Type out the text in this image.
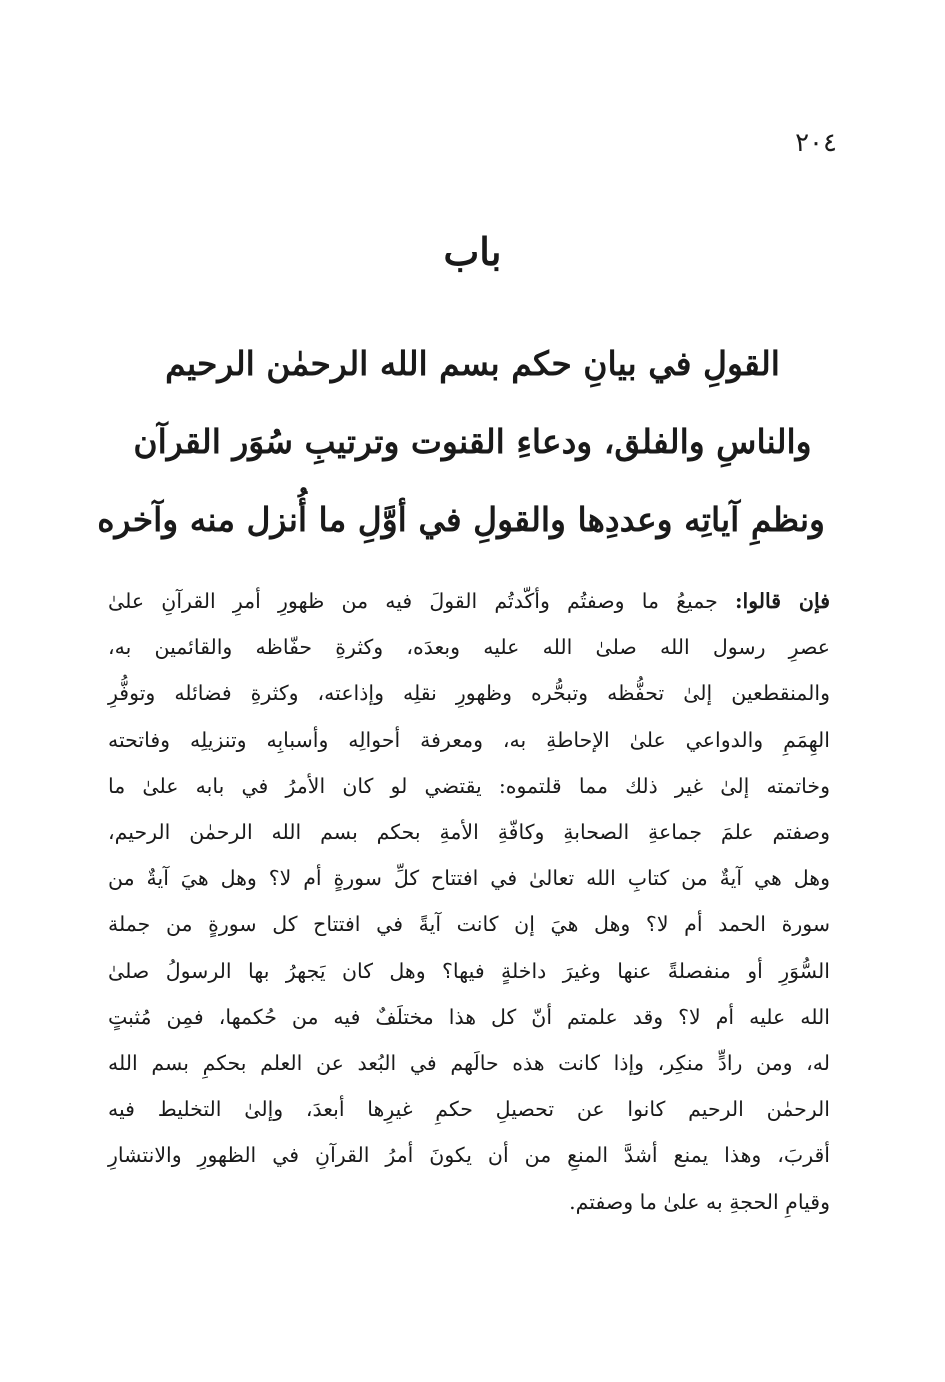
٢٠٤
باب
القولِ في بيانِ حكم بسم الله الرحمٰن الرحيم
والناسِ والفلق، ودعاءِ القنوت وترتيبِ سُوَر القرآن
ونظمِ آياتِه وعددِها والقولِ في أوَّلِ ما أُنزل منه وآخره
فإن قالوا: جميعُ ما وصفتُم وأكّدتُم القولَ فيه من ظهورِ أمرِ القرآنِ علىٰ
عصرِ رسول الله صلىٰ الله عليه وبعدَه، وكثرةِ حفّاظه والقائمين به،
والمنقطعين إلىٰ تحفُّظه وتبحُّره وظهورِ نقلِه وإذاعته، وكثرةِ فضائله وتوفُّرِ
الهِمَمِ والدواعي علىٰ الإحاطةِ به، ومعرفة أحوالِه وأسبابِه وتنزيلِه وفاتحته
وخاتمته إلىٰ غير ذلك مما قلتموه: يقتضي لو كان الأمرُ في بابه علىٰ ما
وصفتم علمَ جماعةِ الصحابةِ وكافّةِ الأمةِ بحكم بسم الله الرحمٰن الرحيم،
وهل هي آيةٌ من كتابِ الله تعالىٰ في افتتاح كلِّ سورةٍ أم لا؟ وهل هيَ آيةٌ من
سورة الحمد أم لا؟ وهل هيَ إن كانت آيةً في افتتاح كل سورةٍ من جملة
السُّوَرِ أو منفصلةً عنها وغيرَ داخلةٍ فيها؟ وهل كان يَجهرُ بها الرسولُ صلىٰ
الله عليه أم لا؟ وقد علمتم أنّ كل هذا مختلَفٌ فيه من حُكمها، فمِن مُثبتٍ
له، ومن رادٍّ منكِر، وإذا كانت هذه حالَهم في البُعد عن العلم بحكمِ بسم الله
الرحمٰن الرحيم كانوا عن تحصيلِ حكمِ غيرِها أبعدَ، وإلىٰ التخليط فيه
أقربَ، وهذا يمنع أشدَّ المنعِ من أن يكونَ أمرُ القرآنِ في الظهورِ والانتشارِ
وقيامِ الحجةِ به علىٰ ما وصفتم.
